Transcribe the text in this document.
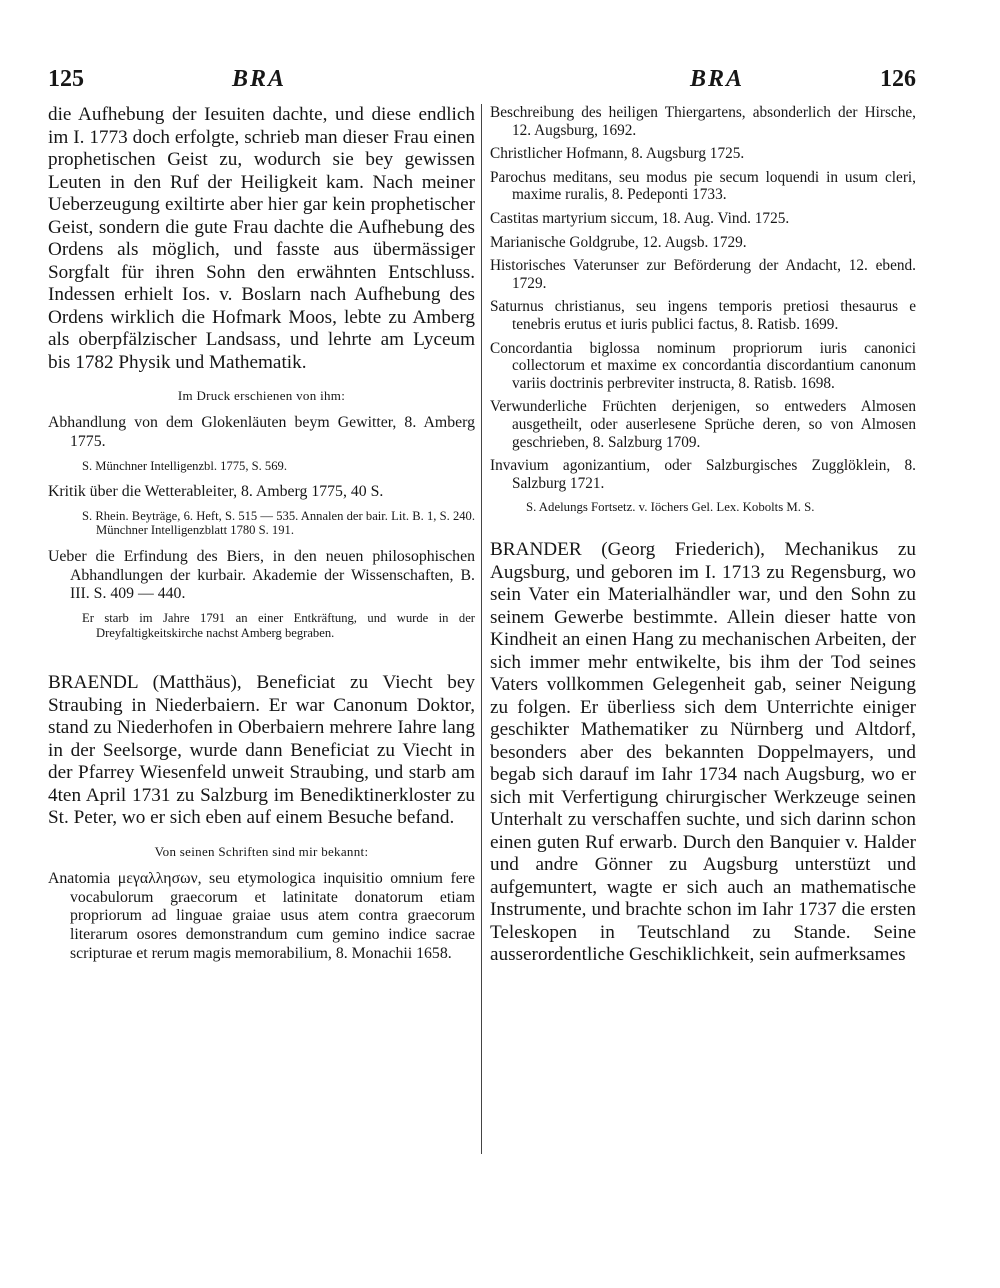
125	BRA	BRA	126

die Aufhebung der Iesuiten dachte, und diese endlich im I. 1773 doch erfolgte, schrieb man dieser Frau einen prophetischen Geist zu, wodurch sie bey gewissen Leuten in den Ruf der Heiligkeit kam. Nach meiner Ueberzeugung exiltirte aber hier gar kein prophetischer Geist, sondern die gute Frau dachte die Aufhebung des Ordens als möglich, und fasste aus übermässiger Sorgfalt für ihren Sohn den erwähnten Entschluss. Indessen erhielt Ios. v. Boslarn nach Aufhebung des Ordens wirklich die Hofmark Moos, lebte zu Amberg als oberpfälzischer Landsass, und lehrte am Lyceum bis 1782 Physik und Mathematik.

Im Druck erschienen von ihm:

Abhandlung von dem Glokenläuten beym Gewitter, 8. Amberg 1775.

S. Münchner Intelligenzbl. 1775, S. 569.

Kritik über die Wetterableiter, 8. Amberg 1775, 40 S.

S. Rhein. Beyträge, 6. Heft, S. 515 — 535. Annalen der bair. Lit. B. 1, S. 240. Münchner Intelligenzblatt 1780 S. 191.

Ueber die Erfindung des Biers, in den neuen philosophischen Abhandlungen der kurbair. Akademie der Wissenschaften, B. III. S. 409 — 440.

Er starb im Jahre 1791 an einer Entkräftung, und wurde in der Dreyfaltigkeitskirche nachst Amberg begraben.

BRAENDL (Matthäus), Beneficiat zu Viecht bey Straubing in Niederbaiern. Er war Canonum Doktor, stand zu Niederhofen in Oberbaiern mehrere Iahre lang in der Seelsorge, wurde dann Beneficiat zu Viecht in der Pfarrey Wiesenfeld unweit Straubing, und starb am 4ten April 1731 zu Salzburg im Benediktinerkloster zu St. Peter, wo er sich eben auf einem Besuche befand.

Von seinen Schriften sind mir bekannt:

Anatomia μεγαλλησων, seu etymologica inquisitio omnium fere vocabulorum graecorum et latinitate donatorum etiam propriorum ad linguae graiae usus atem contra graecorum literarum osores demonstrandum cum gemino indice sacrae scripturae et rerum magis memorabilium, 8. Monachii 1658.

Beschreibung des heiligen Thiergartens, absonderlich der Hirsche, 12. Augsburg, 1692.

Christlicher Hofmann, 8. Augsburg 1725.

Parochus meditans, seu modus pie secum loquendi in usum cleri, maxime ruralis, 8. Pedeponti 1733.

Castitas martyrium siccum, 18. Aug. Vind. 1725.

Marianische Goldgrube, 12. Augsb. 1729.

Historisches Vaterunser zur Beförderung der Andacht, 12. ebend. 1729.

Saturnus christianus, seu ingens temporis pretiosi thesaurus e tenebris erutus et iuris publici factus, 8. Ratisb. 1699.

Concordantia biglossa nominum propriorum iuris canonici collectorum et maxime ex concordantia discordantium canonum variis doctrinis perbreviter instructa, 8. Ratisb. 1698.

Verwunderliche Früchten derjenigen, so entweders Almosen ausgetheilt, oder auserlesene Sprüche deren, so von Almosen geschrieben, 8. Salzburg 1709.

Invavium agonizantium, oder Salzburgisches Zugglöklein, 8. Salzburg 1721.

S. Adelungs Fortsetz. v. Iöchers Gel. Lex. Kobolts M. S.

BRANDER (Georg Friederich), Mechanikus zu Augsburg, und geboren im I. 1713 zu Regensburg, wo sein Vater ein Materialhändler war, und den Sohn zu seinem Gewerbe bestimmte. Allein dieser hatte von Kindheit an einen Hang zu mechanischen Arbeiten, der sich immer mehr entwikelte, bis ihm der Tod seines Vaters vollkommen Gelegenheit gab, seiner Neigung zu folgen. Er überliess sich dem Unterrichte einiger geschikter Mathematiker zu Nürnberg und Altdorf, besonders aber des bekannten Doppelmayers, und begab sich darauf im Iahr 1734 nach Augsburg, wo er sich mit Verfertigung chirurgischer Werkzeuge seinen Unterhalt zu verschaffen suchte, und sich darinn schon einen guten Ruf erwarb. Durch den Banquier v. Halder und andre Gönner zu Augsburg unterstüzt und aufgemuntert, wagte er sich auch an mathematische Instrumente, und brachte schon im Iahr 1737 die ersten Teleskopen in Teutschland zu Stande. Seine ausserordentliche Geschiklichkeit, sein aufmerksames
